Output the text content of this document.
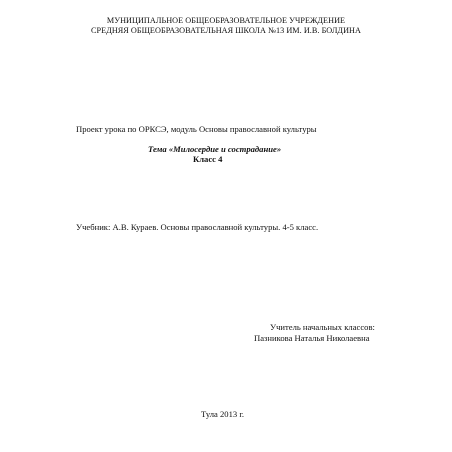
МУНИЦИПАЛЬНОЕ ОБЩЕОБРАЗОВАТЕЛЬНОЕ УЧРЕЖДЕНИЕ
СРЕДНЯЯ ОБЩЕОБРАЗОВАТЕЛЬНАЯ ШКОЛА №13 ИМ. И.В. БОЛДИНА
Проект урока по ОРКСЭ, модуль Основы православной культуры
Тема «Милосердие и сострадание»
Класс 4
Учебник: А.В. Кураев. Основы православной культуры. 4-5 класс.
Учитель начальных классов:
Пазникова Наталья Николаевна
Тула 2013 г.
